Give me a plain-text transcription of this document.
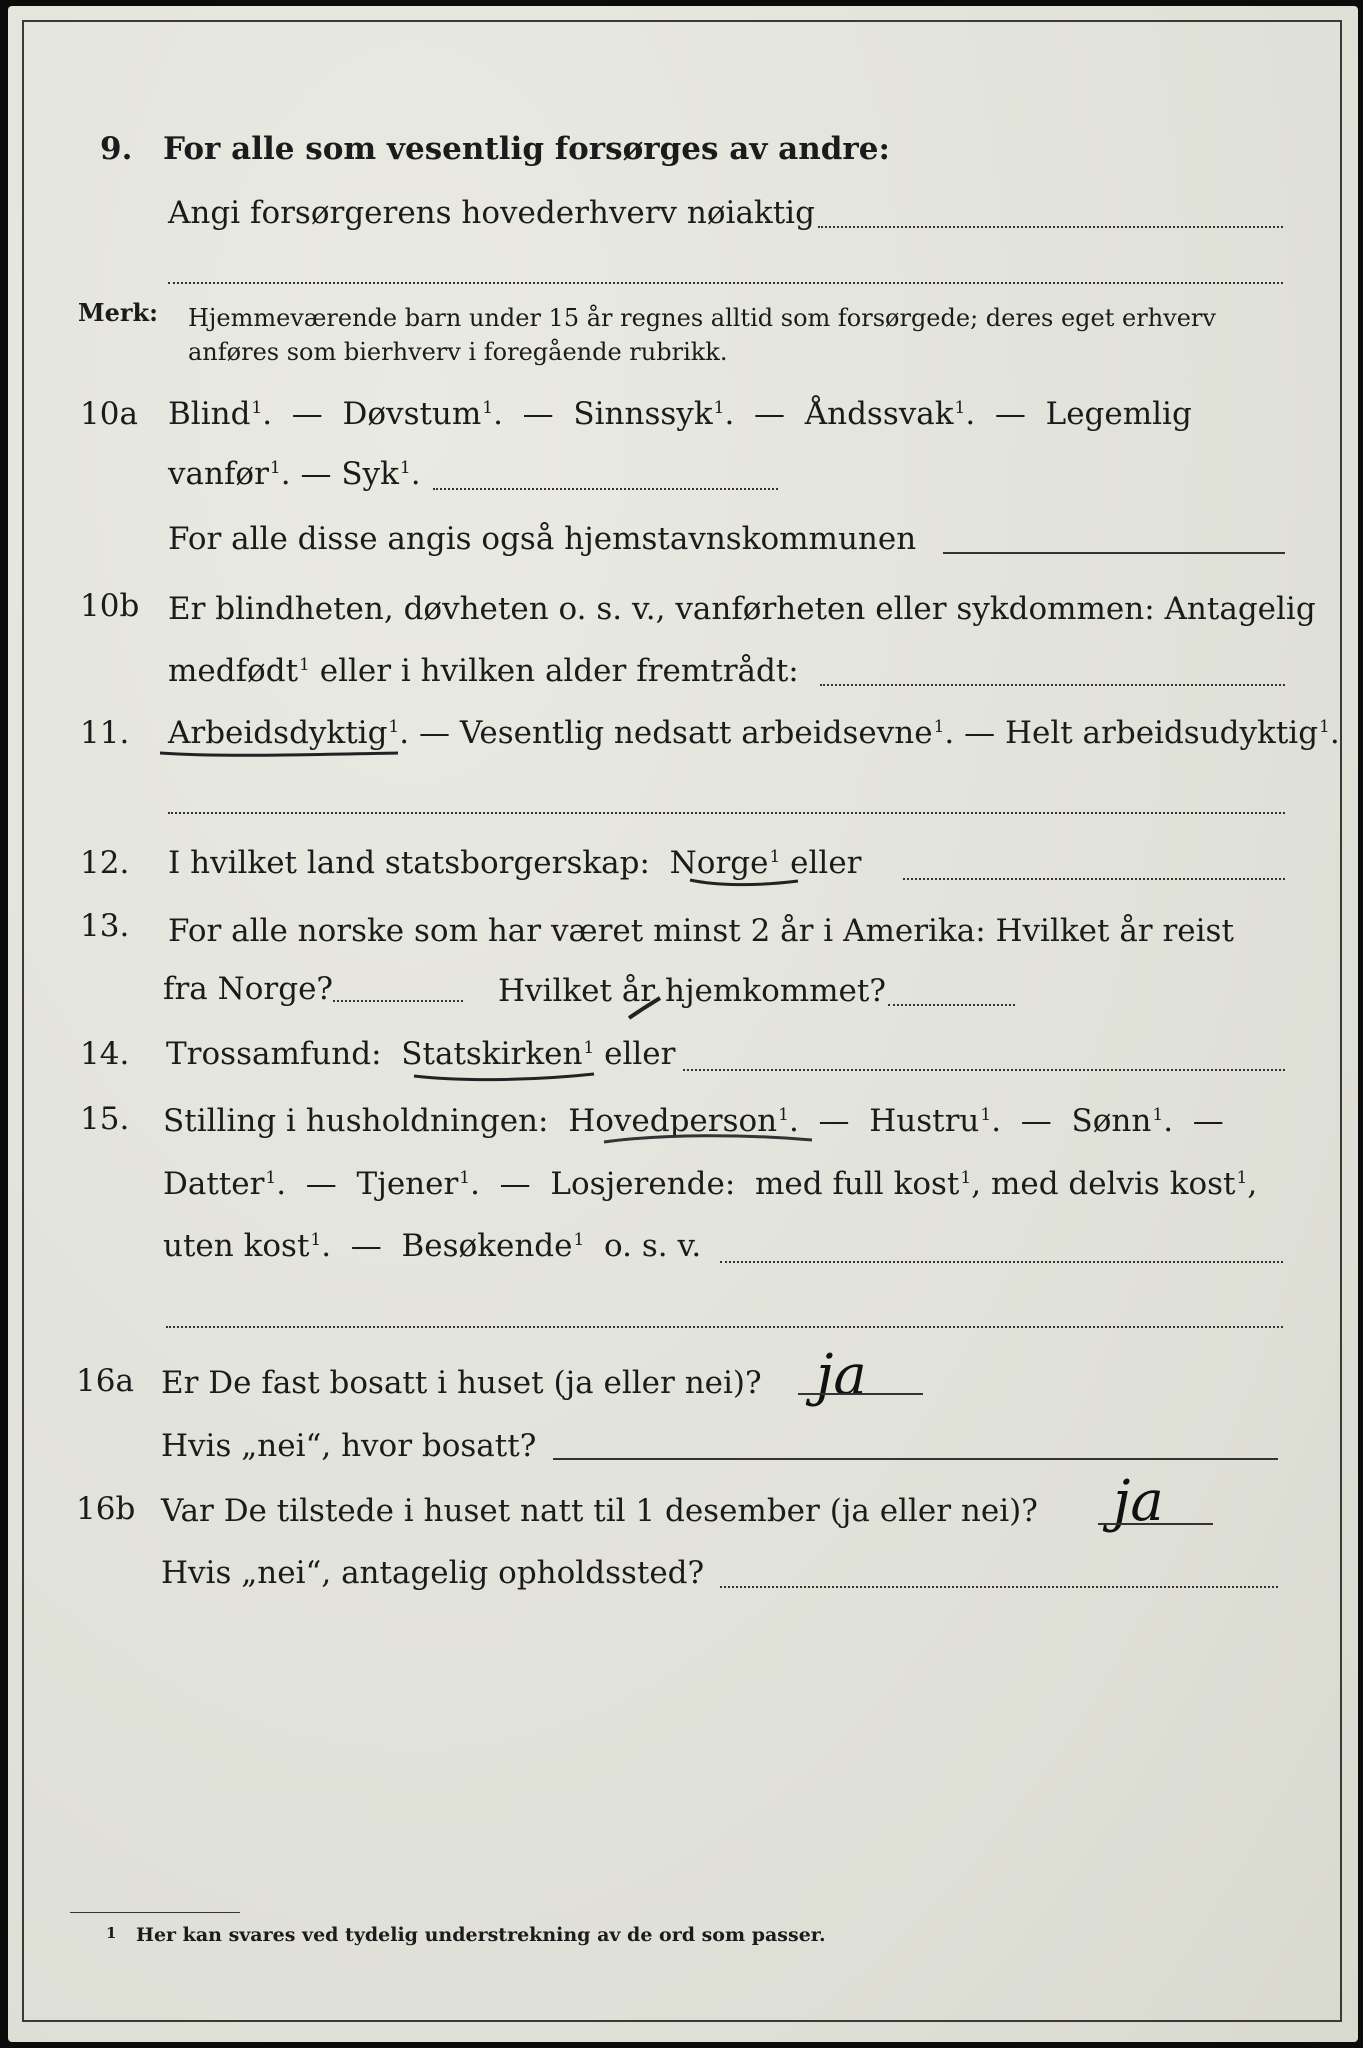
9. For alle som vesentlig forsørges av andre:
Angi forsørgerens hovederhverv nøiaktig
Merk: Hjemmeværende barn under 15 år regnes alltid som forsørgede; deres eget erhverv
anføres som bierhverv i foregående rubrikk.
10a Blind$^1$.  —  Døvstum$^1$.  —  Sinnssyk$^1$.  —  Åndssvak$^1$.  —  Legemlig
vanfør$^1$. — Syk$^1$.
For alle disse angis også hjemstavnskommunen
10b Er blindheten, døvheten o. s. v., vanførheten eller sykdommen: Antagelig
medfødt$^1$ eller i hvilken alder fremtrådt:
11. Arbeidsdyktig$^1$. — Vesentlig nedsatt arbeidsevne$^1$. — Helt arbeidsudyktig$^1$.
12. I hvilket land statsborgerskap: Norge$^1$ eller
13. For alle norske som har været minst 2 år i Amerika: Hvilket år reist
fra Norge?	Hvilket år hjemkommet?
14. Trossamfund: Statskirken$^1$ eller
15. Stilling i husholdningen: Hovedperson$^1$.  —  Hustru$^1$.  —  Sønn$^1$.  —
Datter$^1$.  —  Tjener$^1$.  —  Losjerende: med full kost$^1$, med delvis kost$^1$,
uten kost$^1$.  —  Besøkende$^1$ o. s. v.
16a Er De fast bosatt i huset (ja eller nei)? ja
Hvis „nei“, hvor bosatt?
16b Var De tilstede i huset natt til 1 desember (ja eller nei)? ja
Hvis „nei“, antagelig opholdssted?
1 Her kan svares ved tydelig understrekning av de ord som passer.
